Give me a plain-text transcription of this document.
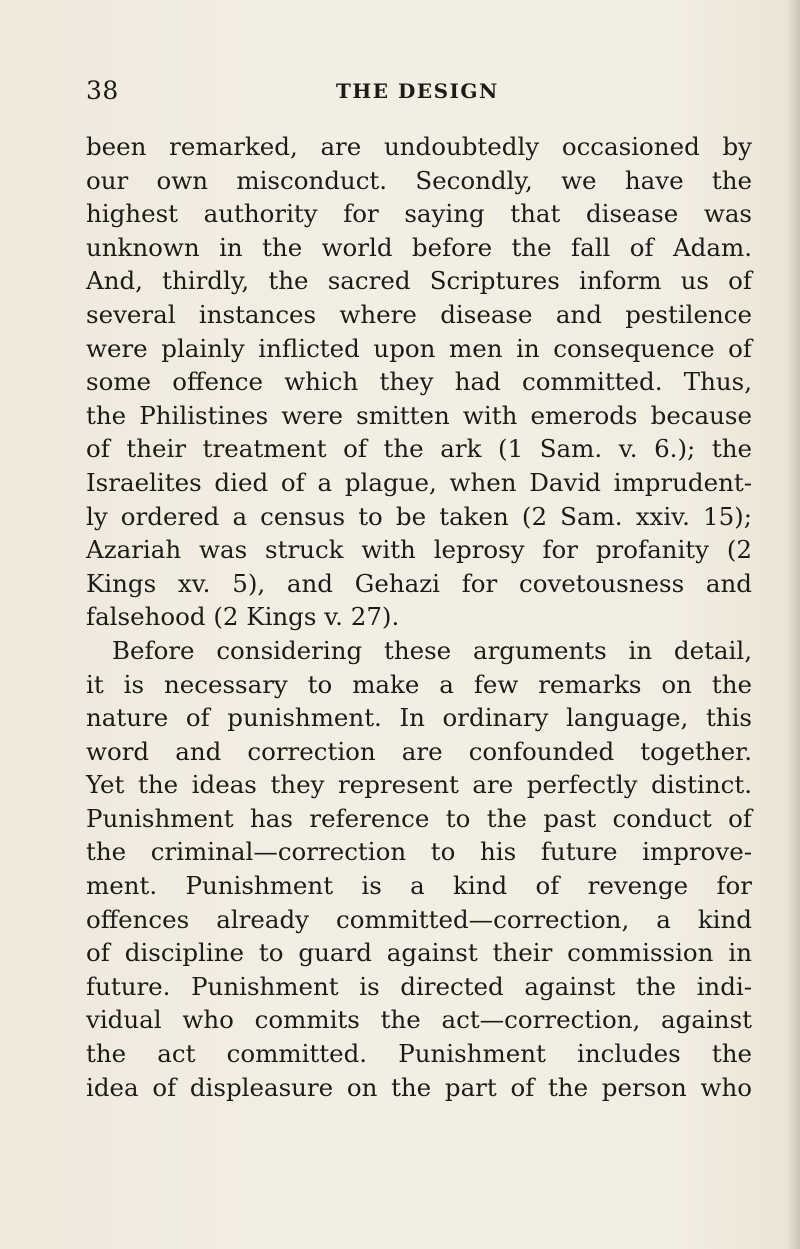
38	THE DESIGN
been remarked, are undoubtedly occasioned by
our own misconduct. Secondly, we have the
highest authority for saying that disease was
unknown in the world before the fall of Adam.
And, thirdly, the sacred Scriptures inform us of
several instances where disease and pestilence
were plainly inflicted upon men in consequence of
some offence which they had committed. Thus,
the Philistines were smitten with emerods because
of their treatment of the ark (1 Sam. v. 6.); the
Israelites died of a plague, when David imprudent-
ly ordered a census to be taken (2 Sam. xxiv. 15);
Azariah was struck with leprosy for profanity (2
Kings xv. 5), and Gehazi for covetousness and
falsehood (2 Kings v. 27).
Before considering these arguments in detail,
it is necessary to make a few remarks on the
nature of punishment. In ordinary language, this
word and correction are confounded together.
Yet the ideas they represent are perfectly distinct.
Punishment has reference to the past conduct of
the criminal—correction to his future improve-
ment. Punishment is a kind of revenge for
offences already committed—correction, a kind
of discipline to guard against their commission in
future. Punishment is directed against the indi-
vidual who commits the act—correction, against
the act committed. Punishment includes the
idea of displeasure on the part of the person who
